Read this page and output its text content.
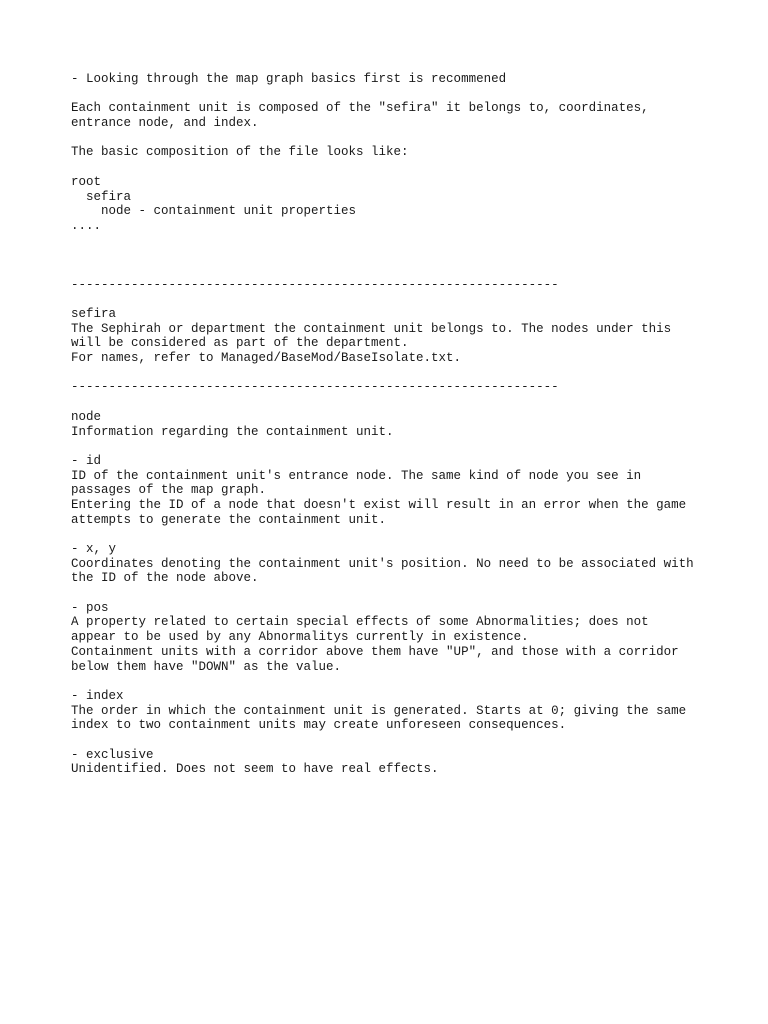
- Looking through the map graph basics first is recommened
Each containment unit is composed of the "sefira" it belongs to, coordinates,
entrance node, and index.
The basic composition of the file looks like:
root
sefira
node - containment unit properties
....
-----------------------------------------------------------------
sefira
The Sephirah or department the containment unit belongs to. The nodes under this
will be considered as part of the department.
For names, refer to Managed/BaseMod/BaseIsolate.txt.
-----------------------------------------------------------------
node
Information regarding the containment unit.
- id
ID of the containment unit's entrance node. The same kind of node you see in
passages of the map graph.
Entering the ID of a node that doesn't exist will result in an error when the game
attempts to generate the containment unit.
- x, y
Coordinates denoting the containment unit's position. No need to be associated with
the ID of the node above.
- pos
A property related to certain special effects of some Abnormalities; does not
appear to be used by any Abnormalitys currently in existence.
Containment units with a corridor above them have "UP", and those with a corridor
below them have "DOWN" as the value.
- index
The order in which the containment unit is generated. Starts at 0; giving the same
index to two containment units may create unforeseen consequences.
- exclusive
Unidentified. Does not seem to have real effects.
